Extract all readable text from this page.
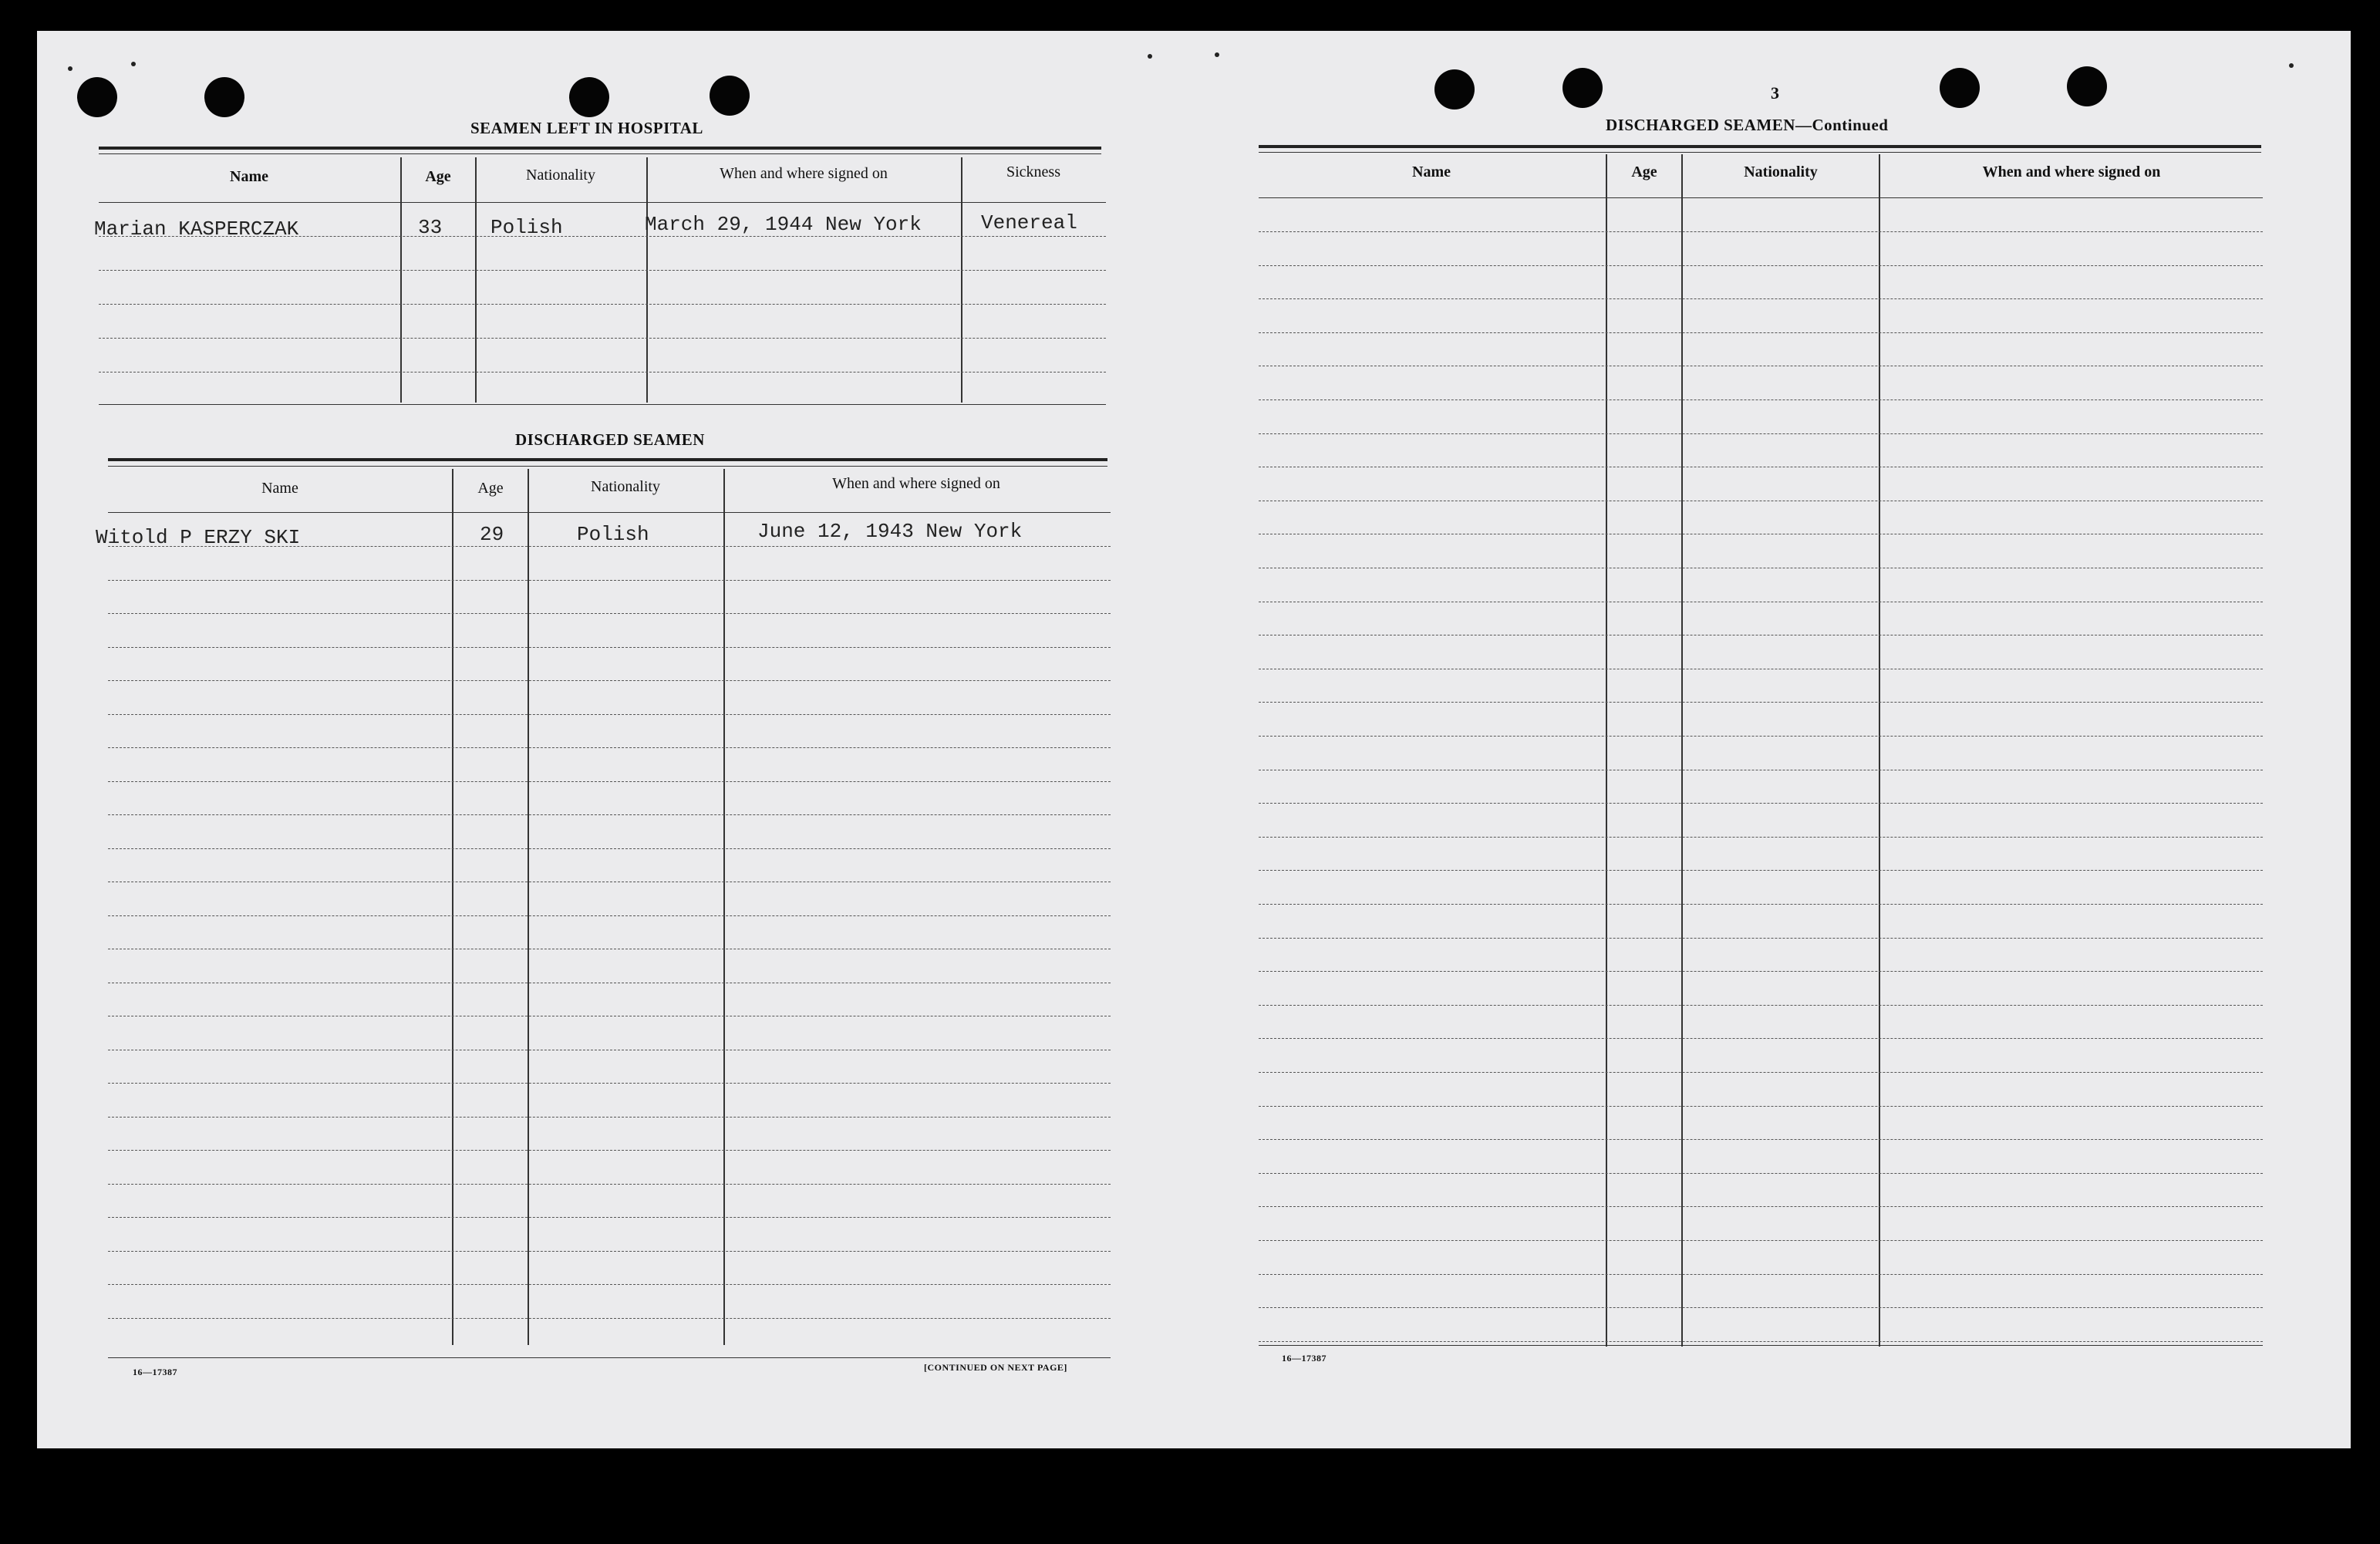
SEAMEN LEFT IN HOSPITAL
Name	Age	Nationality	When and where signed on	Sickness
Marian KASPERCZAK	33 Polish	March 29, 1944 New York	Venereal
DISCHARGED SEAMEN
Name	Age	Nationality	When and where signed on
Witold P ERZY SKI	29	Polish	June 12, 1943 New York
16—17387	[CONTINUED ON NEXT PAGE]
3
DISCHARGED SEAMEN—Continued
Name	Age	Nationality	When and where signed on
16—17387
